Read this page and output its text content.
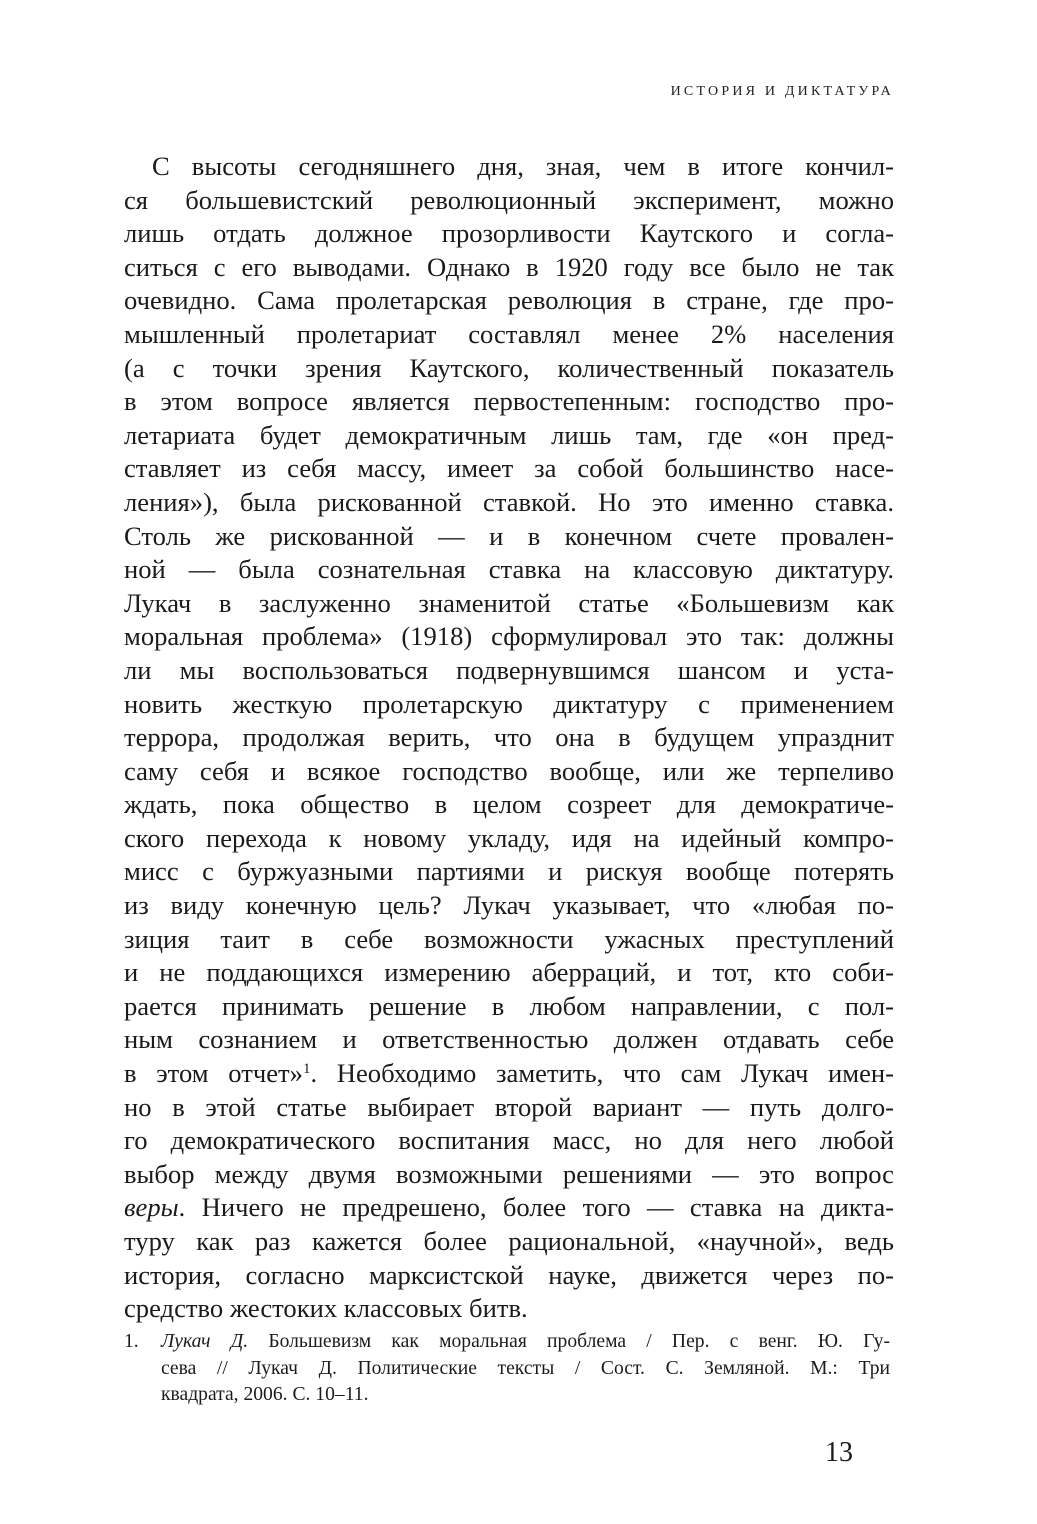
ИСТОРИЯ И ДИКТАТУРА
С высоты сегодняшнего дня, зная, чем в итоге кончил-
ся большевистский революционный эксперимент, можно
лишь отдать должное прозорливости Каутского и согла-
ситься с его выводами. Однако в 1920 году все было не так
очевидно. Сама пролетарская революция в стране, где про-
мышленный пролетариат составлял менее 2% населения
(а с точки зрения Каутского, количественный показатель
в этом вопросе является первостепенным: господство про-
летариата будет демократичным лишь там, где «он пред-
ставляет из себя массу, имеет за собой большинство насе-
ления»), была рискованной ставкой. Но это именно ставка.
Столь же рискованной — и в конечном счете провален-
ной — была сознательная ставка на классовую диктатуру.
Лукач в заслуженно знаменитой статье «Большевизм как
моральная проблема» (1918) сформулировал это так: должны
ли мы воспользоваться подвернувшимся шансом и уста-
новить жесткую пролетарскую диктатуру с применением
террора, продолжая верить, что она в будущем упразднит
саму себя и всякое господство вообще, или же терпеливо
ждать, пока общество в целом созреет для демократиче-
ского перехода к новому укладу, идя на идейный компро-
мисс с буржуазными партиями и рискуя вообще потерять
из виду конечную цель? Лукач указывает, что «любая по-
зиция таит в себе возможности ужасных преступлений
и не поддающихся измерению аберраций, и тот, кто соби-
рается принимать решение в любом направлении, с пол-
ным сознанием и ответственностью должен отдавать себе
в этом отчет»$^1$. Необходимо заметить, что сам Лукач имен-
но в этой статье выбирает второй вариант — путь долго-
го демократического воспитания масс, но для него любой
выбор между двумя возможными решениями — это вопрос
веры. Ничего не предрешено, более того — ставка на дикта-
туру как раз кажется более рациональной, «научной», ведь
история, согласно марксистской науке, движется через по-
средство жестоких классовых битв.
1. Лукач Д. Большевизм как моральная проблема / Пер. с венг. Ю. Гу-
сева // Лукач Д. Политические тексты / Сост. С. Земляной. М.: Три
квадрата, 2006. С. 10–11.
13
